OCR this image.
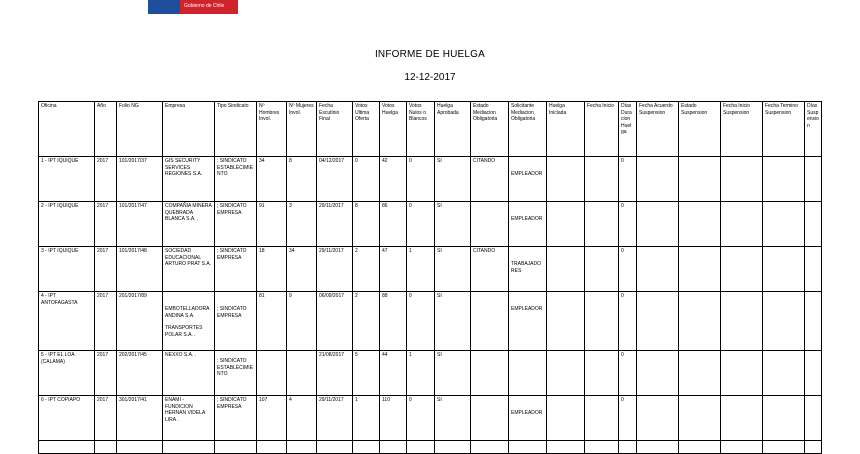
Gobierno de Chile
INFORME DE HUELGA
12-12-2017
Oficina	Año	Folio NG	Empresa	Tipo Sindicato	Nº Hombres Invol.	Nº Mujeres Invol.	Fecha Escutinio Final	Votos Ultima Oferta	Votos Huelga	Votos Nulos o Blancos	Huelga Aprobada	Estado Mediacion Obligatoria	Solicitante Mediacion Obligatoria	Huelga Iniciada	Fecha Inicio	Días Duracion Huelga	Fecha Acuerdo Suspension	Estado Suspension	Fecha Inicio Suspension	Fecha Termino Suspension	Días Suspension
1 - IPT IQUIQUE	2017	101/2017/37	GIS SECURITY SERVICES REGIONES S.A.	; SINDICATO ESTABLECIMIENTO	34	8	04/12/2017	0	42	0	SI	CITANDO	EMPLEADOR			0					
2 - IPT IQUIQUE	2017	101/2017/47	COMPAÑIA MINERA QUEBRADA BLANCA S.A. .	; SINDICATO EMPRESA	91	3	29/11/2017	8	86	0	SI		EMPLEADOR			0					
3 - IPT IQUIQUE	2017	101/2017/48	SOCIEDAD EDUCACIONAL ARTURO PRAT S.A.	; SINDICATO EMPRESA	18	34	29/11/2017	2	47	1	SI	CITANDO	TRABAJADORES			0					
4 - IPT ANTOFAGASTA	2017	201/2017/89	EMBOTELLADORA ANDINA S.A.
TRANSPORTES POLAR S.A. .	; SINDICATO EMPRESA	81	9	06/09/2017	2	88	0	SI		EMPLEADOR			0					
5 - IPT EL LOA (CALAMA)	2017	202/2017/45	NEXXO S.A. .	; SINDICATO ESTABLECIMIENTO			21/08/2017	5	44	1	SI					0					
6 - IPT COPIAPO	2017	301/2017/41	ENAMI - FUNDICION HERNAN VIDELA LIRA .	; SINDICATO EMPRESA	107	4	29/11/2017	1	110	0	SI		EMPLEADOR			0					
